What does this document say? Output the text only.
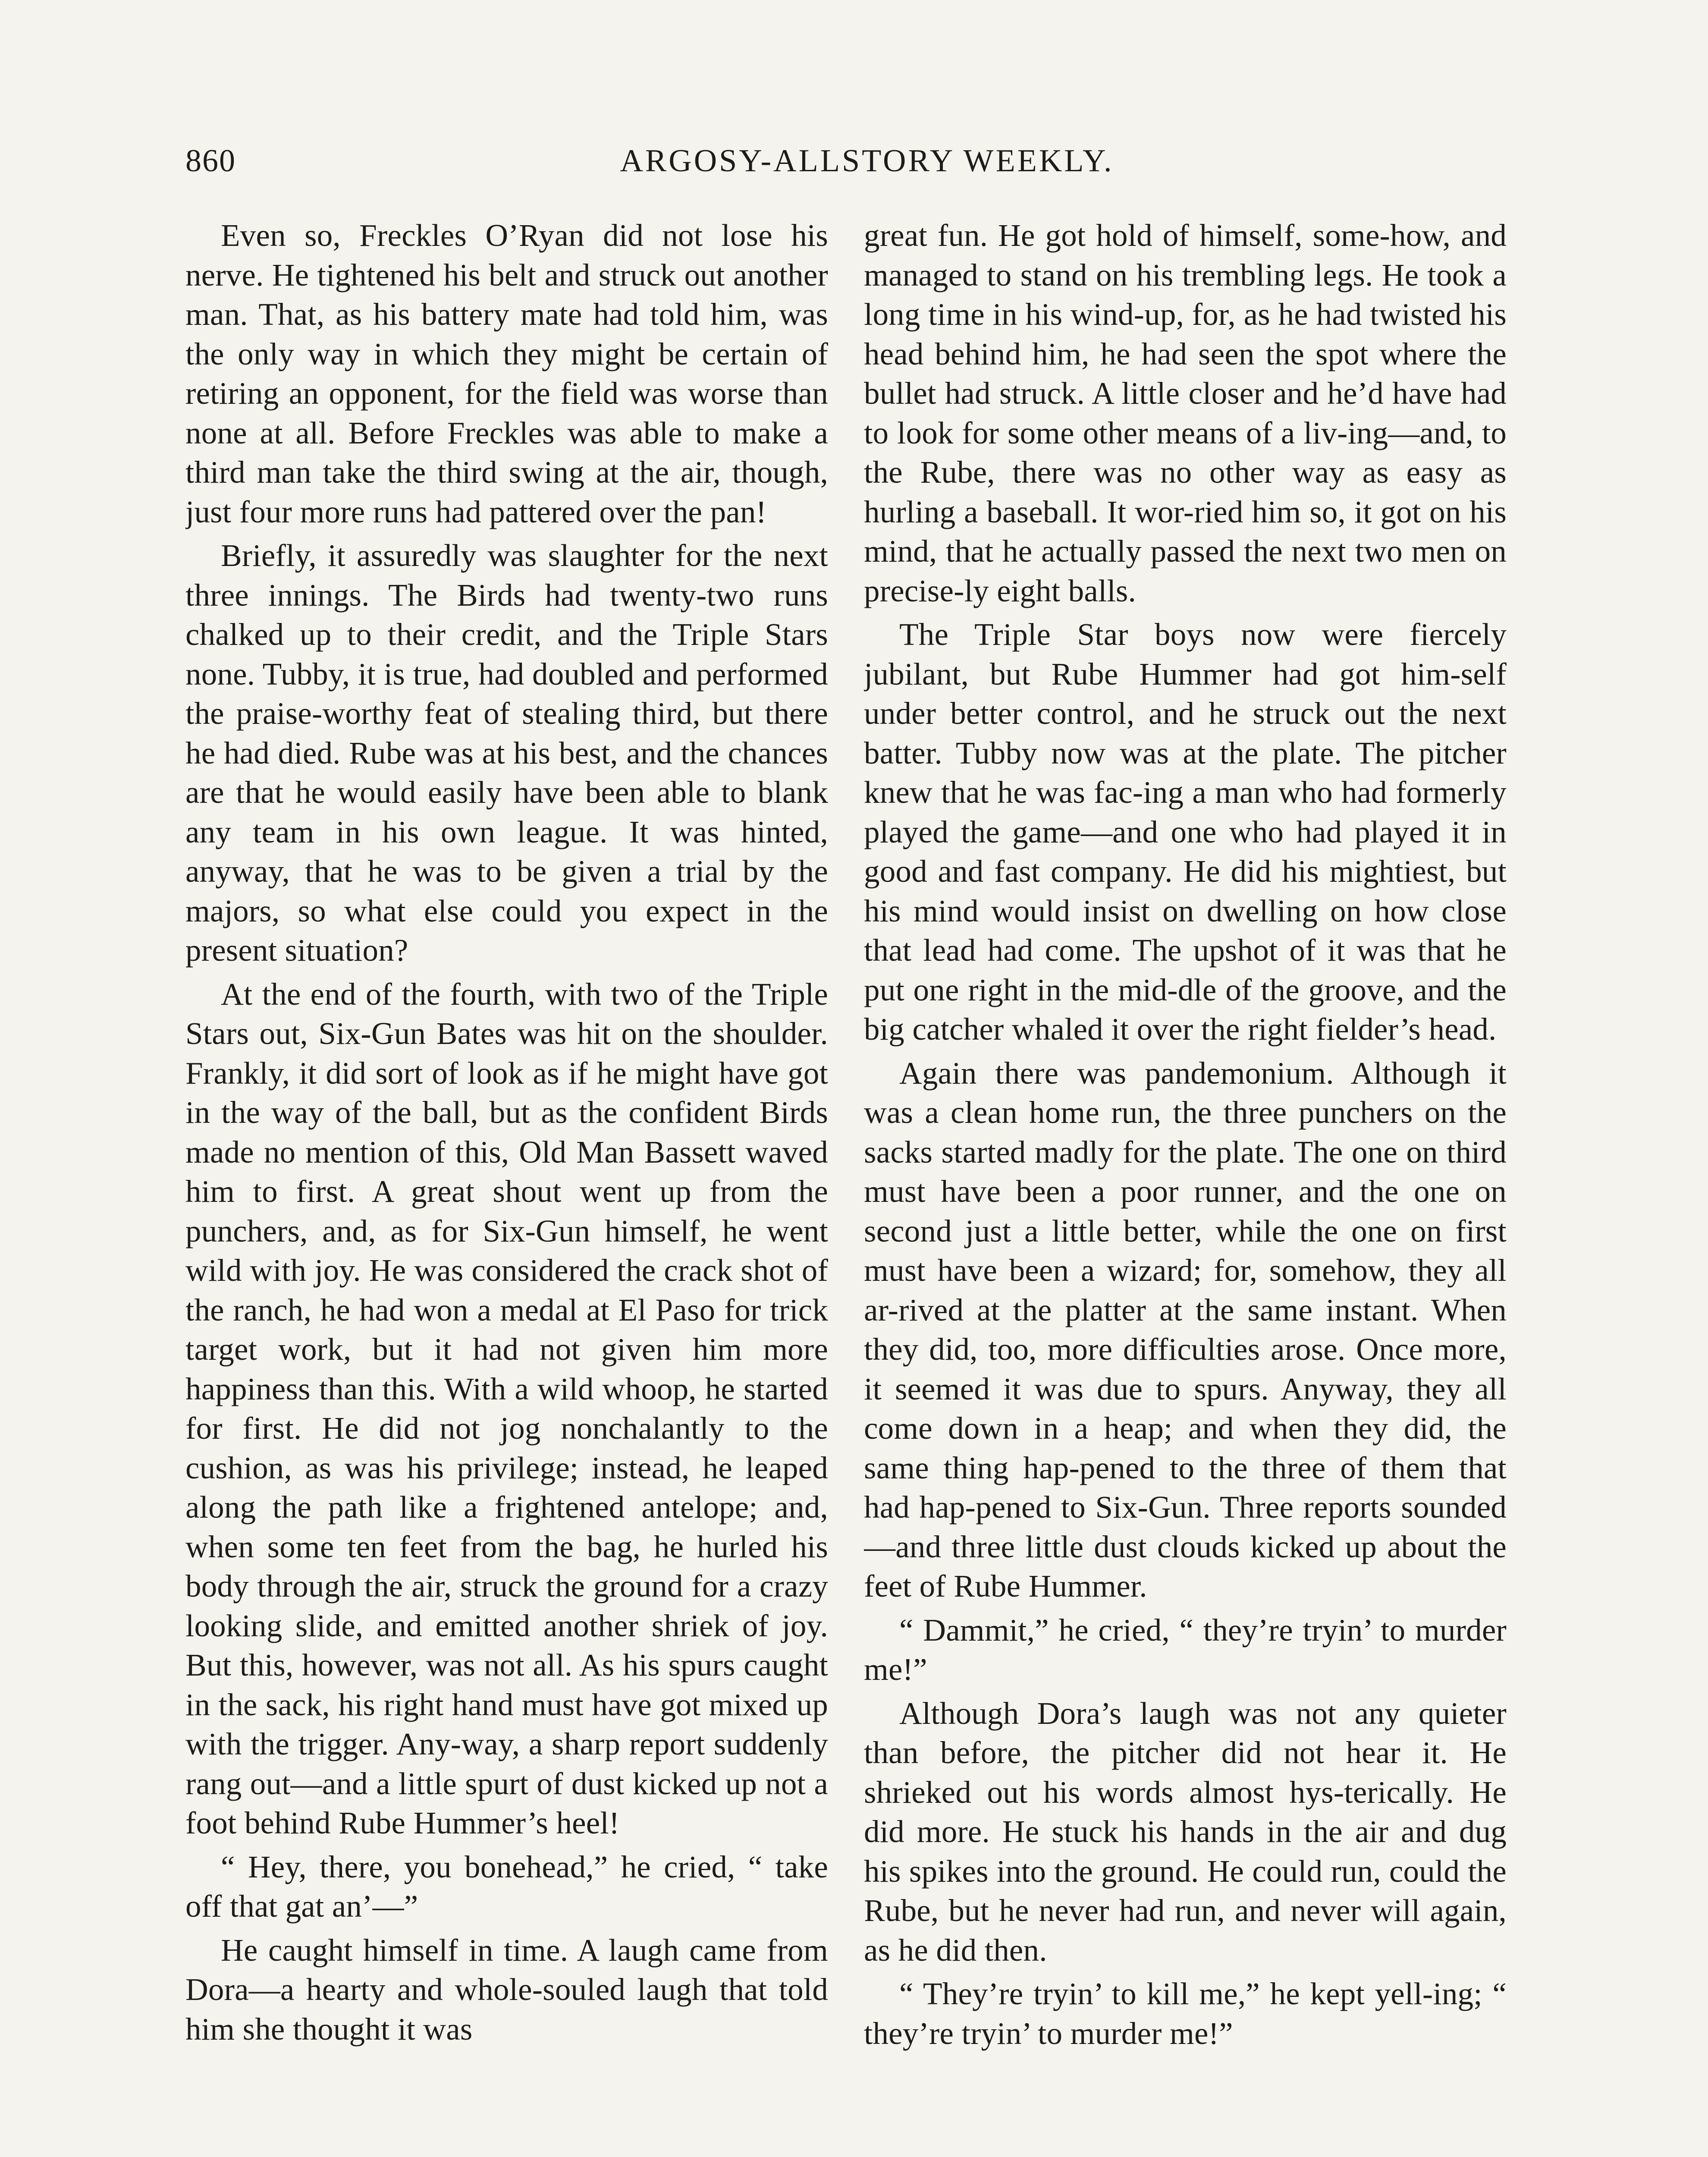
860	ARGOSY-ALLSTORY WEEKLY.

Even so, Freckles O’Ryan did not lose his nerve. He tightened his belt and struck out another man. That, as his battery mate had told him, was the only way in which they might be certain of retiring an opponent, for the field was worse than none at all. Before Freckles was able to make a third man take the third swing at the air, though, just four more runs had pattered over the pan!

Briefly, it assuredly was slaughter for the next three innings. The Birds had twenty-two runs chalked up to their credit, and the Triple Stars none. Tubby, it is true, had doubled and performed the praise-worthy feat of stealing third, but there he had died. Rube was at his best, and the chances are that he would easily have been able to blank any team in his own league. It was hinted, anyway, that he was to be given a trial by the majors, so what else could you expect in the present situation?

At the end of the fourth, with two of the Triple Stars out, Six-Gun Bates was hit on the shoulder. Frankly, it did sort of look as if he might have got in the way of the ball, but as the confident Birds made no mention of this, Old Man Bassett waved him to first. A great shout went up from the punchers, and, as for Six-Gun himself, he went wild with joy. He was considered the crack shot of the ranch, he had won a medal at El Paso for trick target work, but it had not given him more happiness than this. With a wild whoop, he started for first. He did not jog nonchalantly to the cushion, as was his privilege; instead, he leaped along the path like a frightened antelope; and, when some ten feet from the bag, he hurled his body through the air, struck the ground for a crazy looking slide, and emitted another shriek of joy. But this, however, was not all. As his spurs caught in the sack, his right hand must have got mixed up with the trigger. Any-way, a sharp report suddenly rang out—and a little spurt of dust kicked up not a foot behind Rube Hummer’s heel!

“ Hey, there, you bonehead,” he cried, “ take off that gat an’—”

He caught himself in time. A laugh came from Dora—a hearty and whole-souled laugh that told him she thought it was

great fun. He got hold of himself, some-how, and managed to stand on his trembling legs. He took a long time in his wind-up, for, as he had twisted his head behind him, he had seen the spot where the bullet had struck. A little closer and he’d have had to look for some other means of a liv-ing—and, to the Rube, there was no other way as easy as hurling a baseball. It wor-ried him so, it got on his mind, that he actually passed the next two men on precise-ly eight balls.

The Triple Star boys now were fiercely jubilant, but Rube Hummer had got him-self under better control, and he struck out the next batter. Tubby now was at the plate. The pitcher knew that he was fac-ing a man who had formerly played the game—and one who had played it in good and fast company. He did his mightiest, but his mind would insist on dwelling on how close that lead had come. The upshot of it was that he put one right in the mid-dle of the groove, and the big catcher whaled it over the right fielder’s head.

Again there was pandemonium. Although it was a clean home run, the three punchers on the sacks started madly for the plate. The one on third must have been a poor runner, and the one on second just a little better, while the one on first must have been a wizard; for, somehow, they all ar-rived at the platter at the same instant. When they did, too, more difficulties arose. Once more, it seemed it was due to spurs. Anyway, they all come down in a heap; and when they did, the same thing hap-pened to the three of them that had hap-pened to Six-Gun. Three reports sounded —and three little dust clouds kicked up about the feet of Rube Hummer.

“ Dammit,” he cried, “ they’re tryin’ to murder me!”

Although Dora’s laugh was not any quieter than before, the pitcher did not hear it. He shrieked out his words almost hys-terically. He did more. He stuck his hands in the air and dug his spikes into the ground. He could run, could the Rube, but he never had run, and never will again, as he did then.

“ They’re tryin’ to kill me,” he kept yell-ing; “ they’re tryin’ to murder me!”
